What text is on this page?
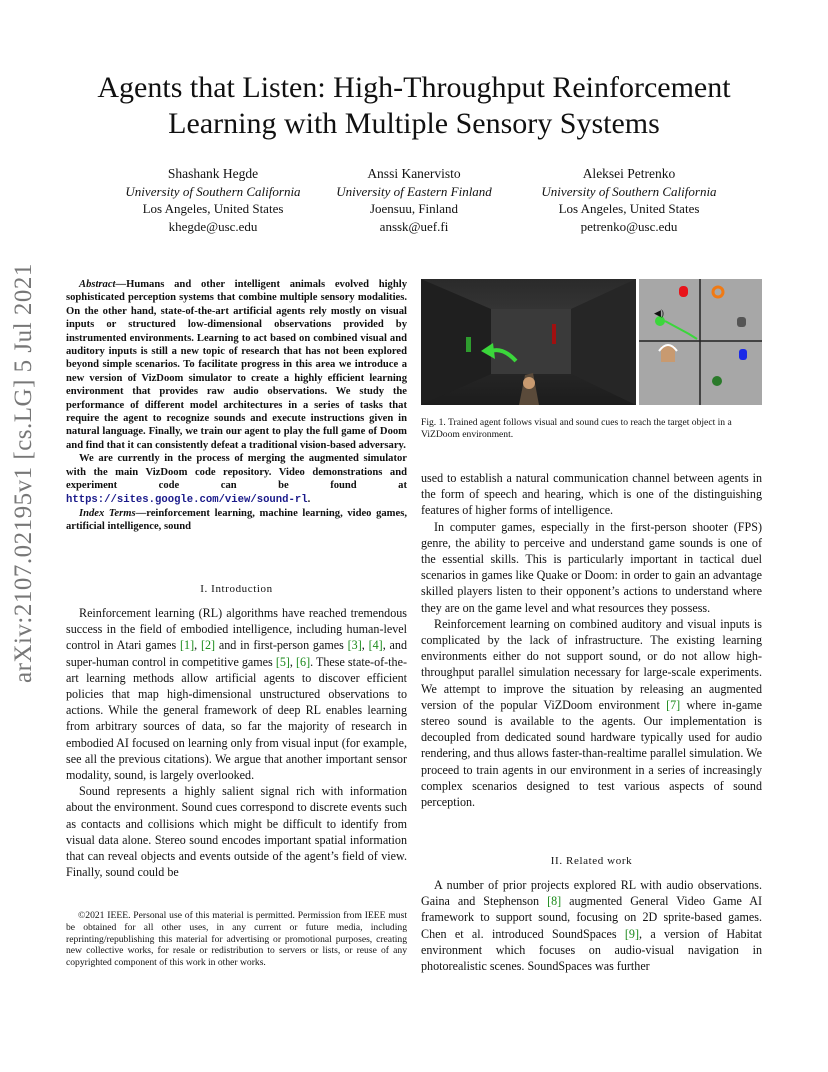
arXiv:2107.02195v1 [cs.LG] 5 Jul 2021
Agents that Listen: High-Throughput Reinforcement Learning with Multiple Sensory Systems
Shashank Hegde
University of Southern California
Los Angeles, United States
khegde@usc.edu
Anssi Kanervisto
University of Eastern Finland
Joensuu, Finland
anssk@uef.fi
Aleksei Petrenko
University of Southern California
Los Angeles, United States
petrenko@usc.edu

Abstract—Humans and other intelligent animals evolved highly sophisticated perception systems that combine multiple sensory modalities. On the other hand, state-of-the-art artificial agents rely mostly on visual inputs or structured low-dimensional observations provided by instrumented environments. Learning to act based on combined visual and auditory inputs is still a new topic of research that has not been explored beyond simple scenarios. To facilitate progress in this area we introduce a new version of VizDoom simulator to create a highly efficient learning environment that provides raw audio observations. We study the performance of different model architectures in a series of tasks that require the agent to recognize sounds and execute instructions given in natural language. Finally, we train our agent to play the full game of Doom and find that it can consistently defeat a traditional vision-based adversary.

We are currently in the process of merging the augmented simulator with the main VizDoom code repository. Video demonstrations and experiment code can be found at https://sites.google.com/view/sound-rl.

Index Terms—reinforcement learning, machine learning, video games, artificial intelligence, sound

I. Introduction

Reinforcement learning (RL) algorithms have reached tremendous success in the field of embodied intelligence, including human-level control in Atari games [1], [2] and in first-person games [3], [4], and super-human control in competitive games [5], [6]. These state-of-the-art learning methods allow artificial agents to discover efficient policies that map high-dimensional unstructured observations to actions. While the general framework of deep RL enables learning from arbitrary sources of data, so far the majority of research in embodied AI focused on learning only from visual input (for example, see all the previous citations). We argue that another important sensor modality, sound, is largely overlooked.

Sound represents a highly salient signal rich with information about the environment. Sound cues correspond to discrete events such as contacts and collisions which might be difficult to identify from visual data alone. Stereo sound encodes important spatial information that can reveal objects and events outside of the agent’s field of view. Finally, sound could be

©2021 IEEE. Personal use of this material is permitted. Permission from IEEE must be obtained for all other uses, in any current or future media, including reprinting/republishing this material for advertising or promotional purposes, creating new collective works, for resale or redistribution to servers or lists, or reuse of any copyrighted component of this work in other works.

◀)
Fig. 1. Trained agent follows visual and sound cues to reach the target object in a ViZDoom environment.

used to establish a natural communication channel between agents in the form of speech and hearing, which is one of the distinguishing features of higher forms of intelligence.

In computer games, especially in the first-person shooter (FPS) genre, the ability to perceive and understand game sounds is one of the essential skills. This is particularly important in tactical duel scenarios in games like Quake or Doom: in order to gain an advantage skilled players listen to their opponent’s actions to understand where they are on the game level and what resources they possess.

Reinforcement learning on combined auditory and visual inputs is complicated by the lack of infrastructure. The existing learning environments either do not support sound, or do not allow high-throughput parallel simulation necessary for large-scale experiments. We attempt to improve the situation by releasing an augmented version of the popular ViZDoom environment [7] where in-game stereo sound is available to the agents. Our implementation is decoupled from dedicated sound hardware typically used for audio rendering, and thus allows faster-than-realtime parallel simulation. We proceed to train agents in our environment in a series of increasingly complex scenarios designed to test various aspects of sound perception.

II. Related work

A number of prior projects explored RL with audio observations. Gaina and Stephenson [8] augmented General Video Game AI framework to support sound, focusing on 2D sprite-based games. Chen et al. introduced SoundSpaces [9], a version of Habitat environment which focuses on audio-visual navigation in photorealistic scenes. SoundSpaces was further
